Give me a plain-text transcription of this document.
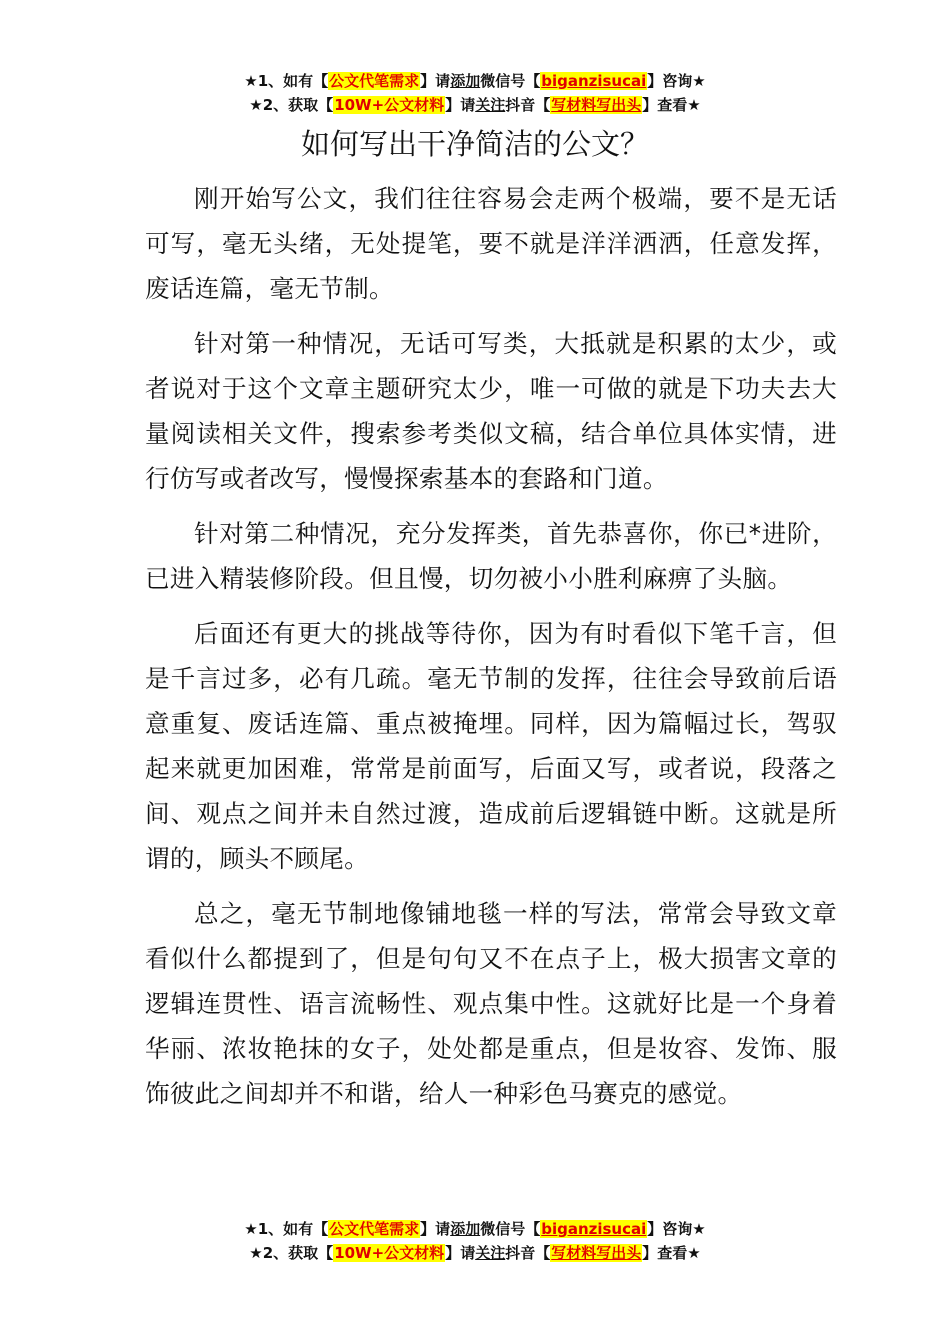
★1、如有【公文代笔需求】请添加微信号【biganzisucai】咨询★
★2、获取【10W+公文材料】请关注抖音【写材料写出头】查看★
如何写出干净简洁的公文？

刚开始写公文，我们往往容易会走两个极端，要不是无话可写，毫无头绪，无处提笔，要不就是洋洋洒洒，任意发挥，废话连篇，毫无节制。

针对第一种情况，无话可写类，大抵就是积累的太少，或者说对于这个文章主题研究太少，唯一可做的就是下功夫去大量阅读相关文件，搜索参考类似文稿，结合单位具体实情，进行仿写或者改写，慢慢探索基本的套路和门道。

针对第二种情况，充分发挥类，首先恭喜你，你已*进阶，已进入精装修阶段。但且慢，切勿被小小胜利麻痹了头脑。

后面还有更大的挑战等待你，因为有时看似下笔千言，但是千言过多，必有几疏。毫无节制的发挥，往往会导致前后语意重复、废话连篇、重点被掩埋。同样，因为篇幅过长，驾驭起来就更加困难，常常是前面写，后面又写，或者说，段落之间、观点之间并未自然过渡，造成前后逻辑链中断。这就是所谓的，顾头不顾尾。

总之，毫无节制地像铺地毯一样的写法，常常会导致文章看似什么都提到了，但是句句又不在点子上，极大损害文章的逻辑连贯性、语言流畅性、观点集中性。这就好比是一个身着华丽、浓妆艳抹的女子，处处都是重点，但是妆容、发饰、服饰彼此之间却并不和谐，给人一种彩色马赛克的感觉。

★1、如有【公文代笔需求】请添加微信号【biganzisucai】咨询★
★2、获取【10W+公文材料】请关注抖音【写材料写出头】查看★
